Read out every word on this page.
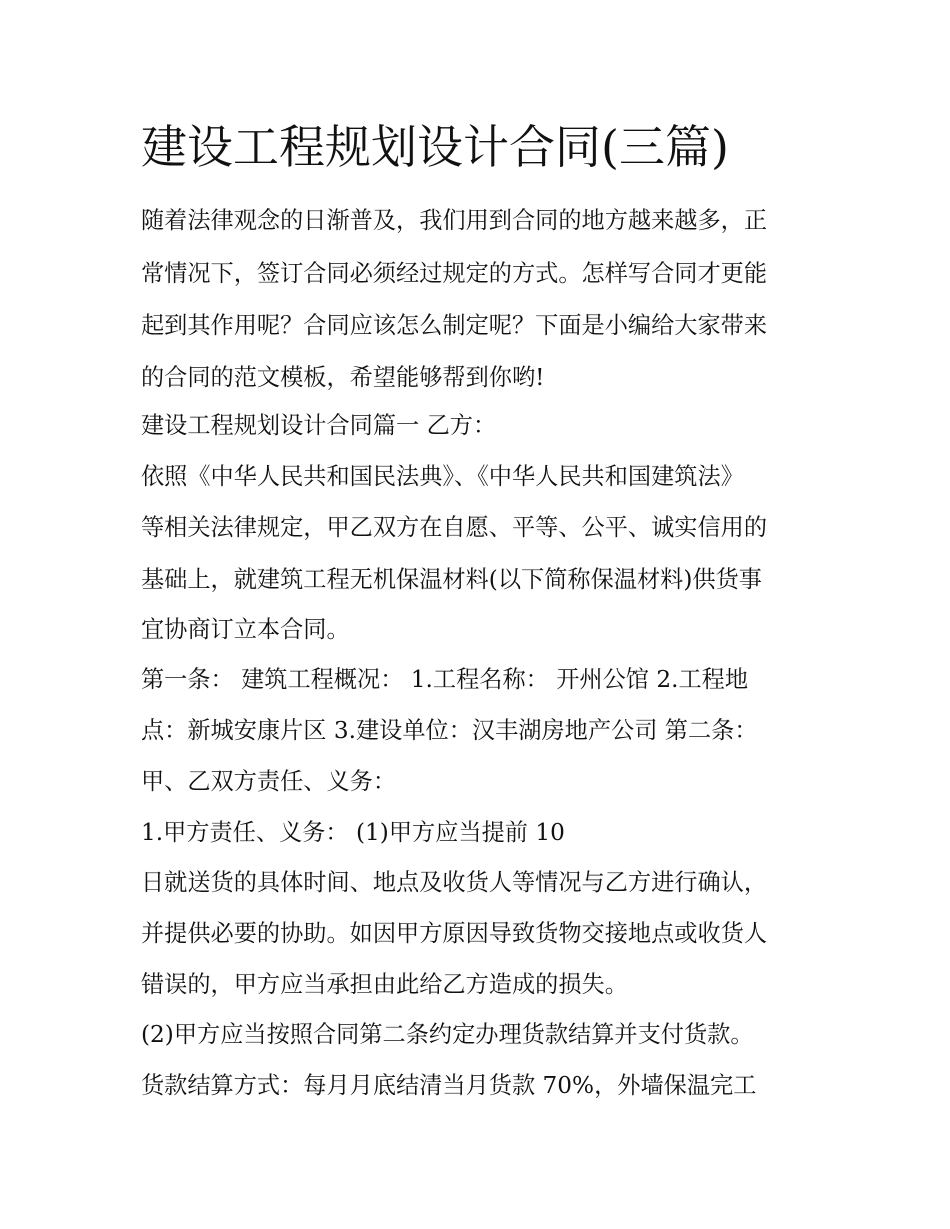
建设工程规划设计合同(三篇)

随着法律观念的日渐普及，我们用到合同的地方越来越多，正

常情况下，签订合同必须经过规定的方式。怎样写合同才更能

起到其作用呢？合同应该怎么制定呢？下面是小编给大家带来

的合同的范文模板，希望能够帮到你哟!

建设工程规划设计合同篇一 乙方：

依照《中华人民共和国民法典》、《中华人民共和国建筑法》

等相关法律规定，甲乙双方在自愿、平等、公平、诚实信用的

基础上，就建筑工程无机保温材料(以下简称保温材料)供货事

宜协商订立本合同。

第一条： 建筑工程概况： 1.工程名称： 开州公馆 2.工程地

点：新城安康片区 3.建设单位：汉丰湖房地产公司 第二条：

甲、乙双方责任、义务：

1.甲方责任、义务： (1)甲方应当提前 10

日就送货的具体时间、地点及收货人等情况与乙方进行确认，

并提供必要的协助。如因甲方原因导致货物交接地点或收货人

错误的，甲方应当承担由此给乙方造成的损失。

(2)甲方应当按照合同第二条约定办理货款结算并支付货款。

货款结算方式：每月月底结清当月货款 70%，外墙保温完工
